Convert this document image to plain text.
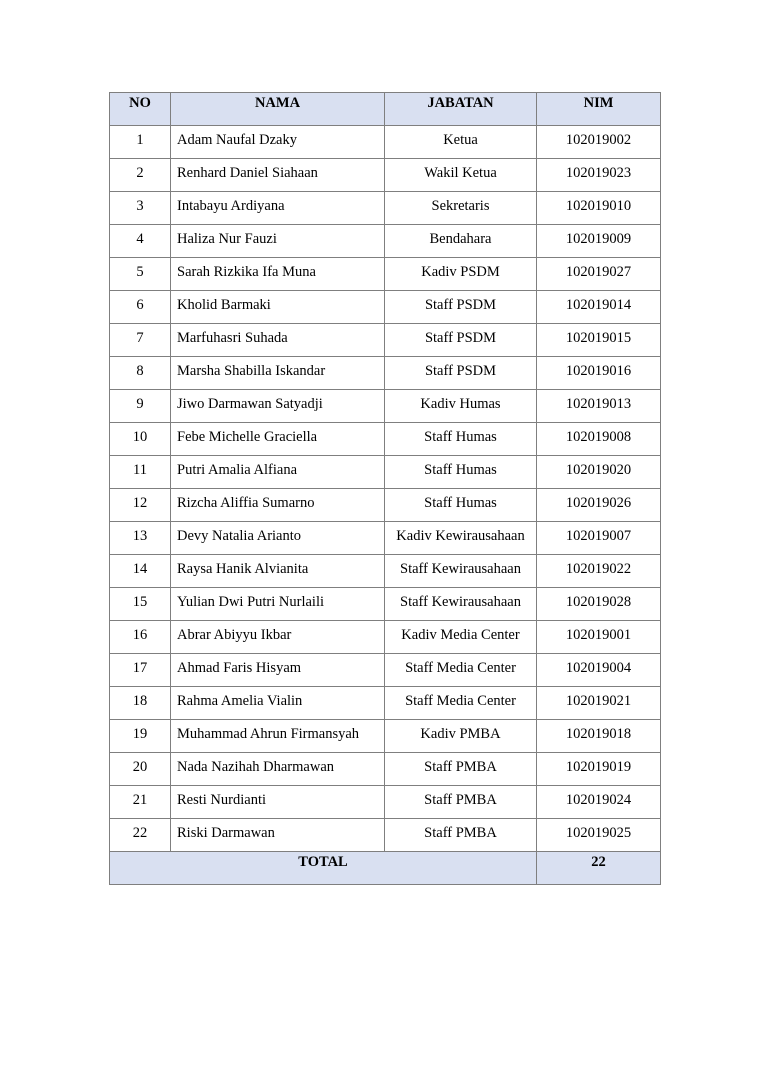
NO	NAMA	JABATAN	NIM
1	Adam Naufal Dzaky	Ketua	102019002
2	Renhard Daniel Siahaan	Wakil Ketua	102019023
3	Intabayu Ardiyana	Sekretaris	102019010
4	Haliza Nur Fauzi	Bendahara	102019009
5	Sarah Rizkika Ifa Muna	Kadiv PSDM	102019027
6	Kholid Barmaki	Staff PSDM	102019014
7	Marfuhasri Suhada	Staff PSDM	102019015
8	Marsha Shabilla Iskandar	Staff PSDM	102019016
9	Jiwo Darmawan Satyadji	Kadiv Humas	102019013
10	Febe Michelle Graciella	Staff Humas	102019008
11	Putri Amalia Alfiana	Staff Humas	102019020
12	Rizcha Aliffia Sumarno	Staff Humas	102019026
13	Devy Natalia Arianto	Kadiv Kewirausahaan	102019007
14	Raysa Hanik Alvianita	Staff Kewirausahaan	102019022
15	Yulian Dwi Putri Nurlaili	Staff Kewirausahaan	102019028
16	Abrar Abiyyu Ikbar	Kadiv Media Center	102019001
17	Ahmad Faris Hisyam	Staff Media Center	102019004
18	Rahma Amelia Vialin	Staff Media Center	102019021
19	Muhammad Ahrun Firmansyah	Kadiv PMBA	102019018
20	Nada Nazihah Dharmawan	Staff PMBA	102019019
21	Resti Nurdianti	Staff PMBA	102019024
22	Riski Darmawan	Staff PMBA	102019025
TOTAL			22
